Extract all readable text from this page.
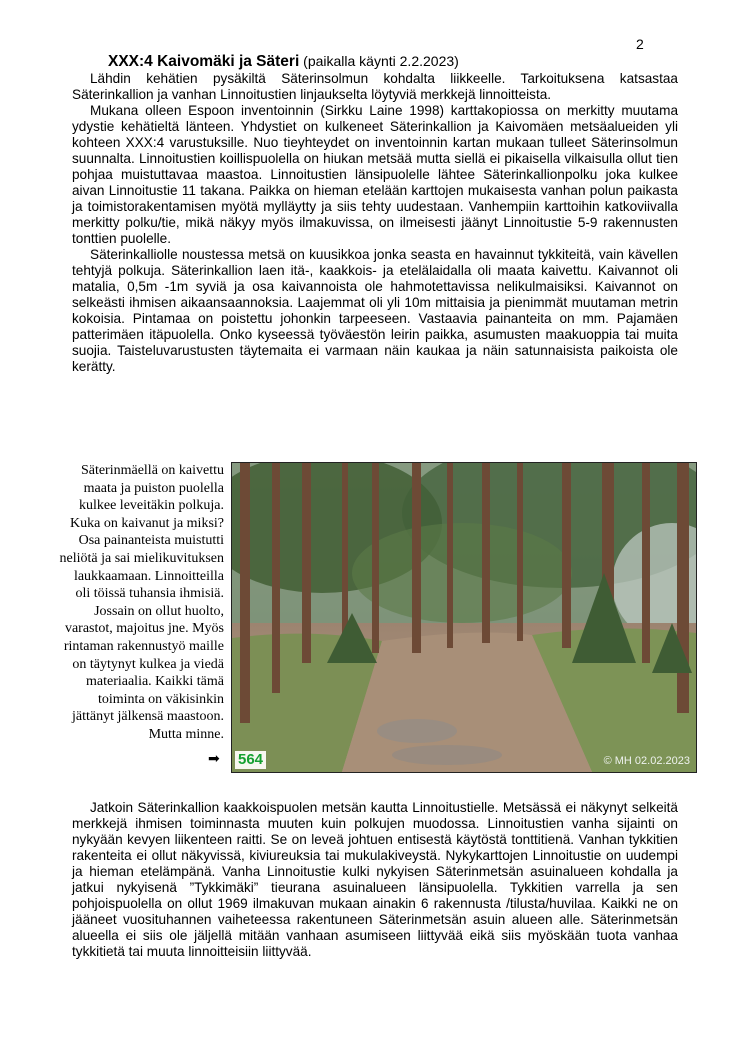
2

XXX:4 Kaivomäki ja Säteri (paikalla käynti 2.2.2023)

Lähdin kehätien pysäkiltä Säterinsolmun kohdalta liikkeelle. Tarkoituksena katsastaa Säterinkallion ja vanhan Linnoitustien linjaukselta löytyviä merkkejä linnoitteista.

Mukana olleen Espoon inventoinnin (Sirkku Laine 1998) karttakopiossa on merkitty muutama ydystie kehätieltä länteen. Yhdystiet on kulkeneet Säterinkallion ja Kaivomäen metsäalueiden yli kohteen XXX:4 varustuksille. Nuo tieyhteydet on inventoinnin kartan mukaan tulleet Säterinsolmun suunnalta. Linnoitustien koillispuolella on hiukan metsää mutta siellä ei pikaisella vilkaisulla ollut tien pohjaa muistuttavaa maastoa. Linnoitustien länsipuolelle lähtee Säterinkallionpolku joka kulkee aivan Linnoitustie 11 takana. Paikka on hieman etelään karttojen mukaisesta vanhan polun paikasta ja toimistorakentamisen myötä mylläytty ja siis tehty uudestaan. Vanhempiin karttoihin katkoviivalla merkitty polku/tie, mikä näkyy myös ilmakuvissa, on ilmeisesti jäänyt Linnoitustie 5-9 rakennusten tonttien puolelle.

Säterinkalliolle noustessa metsä on kuusikkoa jonka seasta en havainnut tykkiteitä, vain kävellen tehtyjä polkuja. Säterinkallion laen itä-, kaakkois- ja etelälaidalla oli maata kaivettu. Kaivannot oli matalia, 0,5m -1m syviä ja osa kaivannoista ole hahmotettavissa nelikulmaisiksi. Kaivannot on selkeästi ihmisen aikaansaannoksia. Laajemmat oli yli 10m mittaisia ja pienimmät muutaman metrin kokoisia. Pintamaa on poistettu johonkin tarpeeseen. Vastaavia painanteita on mm. Pajamäen patterimäen itäpuolella. Onko kyseessä työväestön leirin paikka, asumusten maakuoppia tai muita suojia. Taisteluvarustusten täytemaita ei varmaan näin kaukaa ja näin satunnaisista paikoista ole kerätty.

Säterinmäellä on kaivettu maata ja puiston puolella kulkee leveitäkin polkuja. Kuka on kaivanut ja miksi? Osa painanteista muistutti neliötä ja sai mielikuvituksen laukkaamaan. Linnoitteilla oli töissä tuhansia ihmisiä. Jossain on ollut huolto, varastot, majoitus jne. Myös rintaman rakennustyö maille on täytynyt kulkea ja viedä materiaalia. Kaikki tämä toiminta on väkisinkin jättänyt jälkensä maastoon. Mutta minne.

➡ 564	© MH 02.02.2023

Jatkoin Säterinkallion kaakkoispuolen metsän kautta Linnoitustielle. Metsässä ei näkynyt selkeitä merkkejä ihmisen toiminnasta muuten kuin polkujen muodossa. Linnoitustien vanha sijainti on nykyään kevyen liikenteen raitti. Se on leveä johtuen entisestä käytöstä tonttitienä. Vanhan tykkitien rakenteita ei ollut näkyvissä, kiviureuksia tai mukulakiveystä. Nykykarttojen Linnoitustie on uudempi ja hieman etelämpänä. Vanha Linnoitustie kulki nykyisen Säterinmetsän asuinalueen kohdalla ja jatkui nykyisenä ”Tykkimäki” tieurana asuinalueen länsipuolella. Tykkitien varrella ja sen pohjoispuolella on ollut 1969 ilmakuvan mukaan ainakin 6 rakennusta /tilusta/huvilaa. Kaikki ne on jääneet vuosituhannen vaiheteessa rakentuneen Säterinmetsän asuin alueen alle. Säterinmetsän alueella ei siis ole jäljellä mitään vanhaan asumiseen liittyvää eikä siis myöskään tuota vanhaa tykkitietä tai muuta linnoitteisiin liittyvää.
